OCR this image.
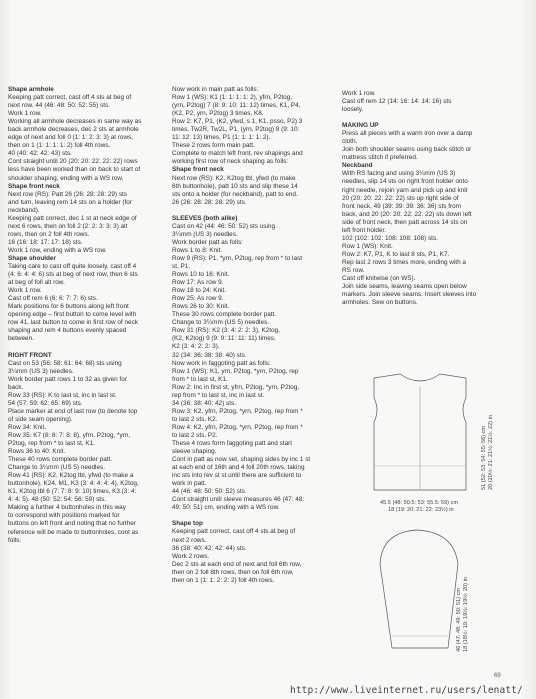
Shape armhole

Keeping patt correct, cast off 4 sts at beg of
next row. 44 (46: 48: 50: 52: 55) sts.
Work 1 row.
Working all armhole decreases in same way as
back armhole decreases, dec 2 sts at armhole
edge of next and foll 0 (1: 1: 2: 3: 3) at rows,
then on 1 (1: 1: 1: 1: 2) foll 4th rows.
40 (40: 42: 42: 43) sts.
Cont straight until 20 (20: 20: 22: 22: 22) rows
less have been worked than on back to start of
shoulder shaping, ending with a WS row.

Shape front neck

Next row (RS): Patt 26 (26: 28: 28: 29) sts
and turn, leaving rem 14 sts on a holder (for
neckband).
Keeping patt correct, dec 1 st at neck edge of
next 6 rows, then on foll 2 (2: 2: 3: 3: 3) alt
rows, then on 2 foll 4th rows.
16 (16: 18: 17: 17: 18) sts.
Work 1 row, ending with a WS row.

Shape shoulder

Taking care to cast off quite loosely, cast off 4
(4: 6: 4: 4: 6) sts at beg of next row, then 6 sts
at beg of foll alt row.
Work 1 row.
Cast off rem 6 (6: 6: 7: 7: 6) sts.
Mark positions for 6 buttons along left front
opening edge – first button to come level with
row 41, last button to come in first row of neck
shaping and rem 4 buttons evenly spaced
between.

RIGHT FRONT

Cast on 53 (56: 58: 61: 64: 68) sts using
3¼mm (US 3) needles.
Work border patt rows 1 to 32 as given for
back.
Row 33 (RS): K to last st, inc in last st.
54 (57: 59: 62: 65: 69) sts.
Place marker at end of last row (to denote top
of side seam opening).
Row 34: Knit.
Row 35: K7 (8: 8: 7: 8: 8), yfrn, P2tog, *yrn,
P2tog, rep from * to last st, K1.
Rows 36 to 40: Knit.
These 40 rows complete border patt.
Change to 3¼mm (US 5) needles.
Row 41 (RS): K2, K2tog tbl, yfwd (to make a
buttonhole), K24, M1, K3 (3: 4: 4: 4: 4), K2tog,
K1, K2tog tbl 6 (7: 7: 8: 9: 10) times, K3 (3: 4:
4: 4: 5). 48 (50: 52: 54: 56: 59) sts.
Making a further 4 buttonholes in this way
to correspond with positions marked for
buttons on left front and noting that no further
reference will be made to buttonholes, cont as
folls:

Now work in main patt as folls:
Row 1 (WS): K1 (1: 1: 1: 1: 2), yfrn, P2tog,
(yrn, P2tog) 7 (8: 9: 10: 11: 12) times, K1, P4,
(K2, P2, yrn, P2tog) 3 times, K8.
Row 2: K7, P1, (K2, yfwd, s 1, K1, psso, P2) 3
times, Tw2R, Tw2L, P1, (yrn, P2tog) 8 (9: 10:
11: 12: 13) times, P1 (1: 1: 1: 1: 2).
These 2 rows form main patt.
Complete to match left front, rev shapings and
working first row of neck shaping as folls:

Shape front neck

Next row (RS): K2, K2tog tbl, yfwd (to make
6th buttonhole), patt 10 sts and slip these 14
sts onto a holder (for neckband), patt to end.
26 (26: 28: 28: 28: 29) sts.

SLEEVES (both alike)

Cast on 42 (44: 46: 50: 52) sts using
3¼mm (US 3) needles.
Work border patt as folls:
Rows 1 to 8: Knit.
Row 9 (RS): P1. *yrn, P2tog, rep from * to last
st, P1.
Rows 10 to 16: Knit.
Row 17: As row 9.
Row 18 to 24: Knit.
Row 25: As row 9.
Rows 26 to 30: Knit.
These 30 rows complete border patt.
Change to 3¼mm (US 5) needles.
Row 31 (RS): K2 (3: 4: 2: 2: 3), K2tog,
(K2, K2tog) 9 (9: 9: 11: 11: 11) times,
K2 (3: 4: 2: 2: 3).
32 (34: 36: 38: 38: 40) sts.
Now work in faggoting patt as folls:
Row 1 (WS): K1, yrn, P2tog, *yrn, P2tog, rep
from * to last st, K1.
Row 2: Inc in first st, yfrn, P2tog, *yrn, P2tog,
rep from * to last st, inc in last st.
34 (36: 38: 40: 42) sts.
Row 3: K2, yfrn, P2tog, *yrn, P2tog, rep from *
to last 2 sts, K2.
Row 4: K2, yfrn, P2tog, *yrn, P2tog, rep from *
to last 2 sts, P2.
These 4 rows form faggoting patt and start
sleeve shaping.
Cont in patt as now set, shaping sides by inc 1 st
at each end of 16th and 4 foll 20th rows, taking
inc sts into rev st st until there are sufficient to
work in patt.
44 (46: 48: 50: 50: 52) sts.
Cont straight until sleeve measures 46 (47: 48:
49: 50: 51) cm, ending with a WS row.

Shape top

Keeping patt correct, cast off 4 sts at beg of
next 2 rows.
36 (38: 40: 42: 42: 44) sts.
Work 2 rows.
Dec 2 sts at each end of next and foll 6th row,
then on 2 foll 8th rows, then on foll 6th row,
then on 1 (1: 1: 2: 2: 2) foll 4th rows.

Work 1 row.
Cast off rem 12 (14: 16: 14: 14: 16) sts
loosely.

MAKING UP

Press all pieces with a warm iron over a damp
cloth.
Join both shoulder seams using back stitch or
mattress stitch if preferred.

Neckband

With RS facing and using 3¼mm (US 3)
needles, slip 14 sts on right front holder onto
right needle, rejoin yarn and pick up and knit
20 (20: 20: 22: 22: 22) sts up right side of
front neck, 49 (39: 39: 39: 36: 36) sts from
back, and 20 (20: 20: 22: 22: 22) sts down left
side of front neck, then patt across 14 sts on
left front holder.
102 (102: 102: 108: 108: 108) sts.
Row 1 (WS): Knit.
Row 2: K7, P1, K to last 8 sts, P1, K7.
Rep last 2 rows 3 times more, ending with a
RS row.
Cast off knitwise (on WS).
Join side seams, leaving seams open below
markers. Join sleeve seams. Insert sleeves into
armholes. Sew on buttons.

45.5 (48: 50.5: 53: 55.5: 59) cm
18 (19: 20: 21: 22: 23½) in
51 (52: 53: 54: 55: 56) cm 20 (20½: 21: 21½: 21½: 22) in
46 (47: 48: 49: 50: 51) cm 18 (18½: 19: 19½: 19½: 20) in
69
http://www.liveinternet.ru/users/lenatt/
